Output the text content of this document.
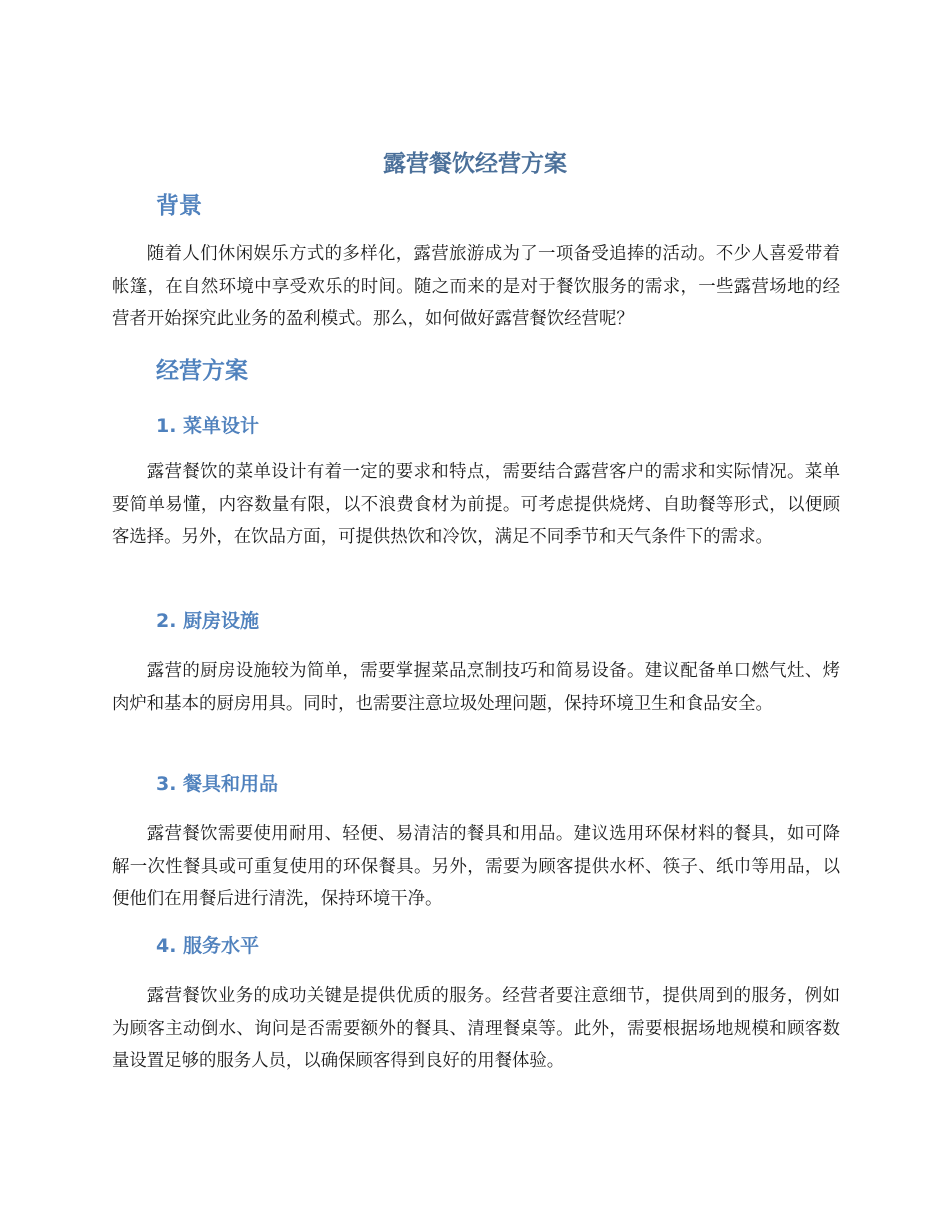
露营餐饮经营方案
背景

随着人们休闲娱乐方式的多样化，露营旅游成为了一项备受追捧的活动。不少人喜爱带着帐篷，在自然环境中享受欢乐的时间。随之而来的是对于餐饮服务的需求，一些露营场地的经营者开始探究此业务的盈利模式。那么，如何做好露营餐饮经营呢？

经营方案
1. 菜单设计

露营餐饮的菜单设计有着一定的要求和特点，需要结合露营客户的需求和实际情况。菜单要简单易懂，内容数量有限，以不浪费食材为前提。可考虑提供烧烤、自助餐等形式，以便顾客选择。另外，在饮品方面，可提供热饮和冷饮，满足不同季节和天气条件下的需求。

2. 厨房设施

露营的厨房设施较为简单，需要掌握菜品烹制技巧和简易设备。建议配备单口燃气灶、烤肉炉和基本的厨房用具。同时，也需要注意垃圾处理问题，保持环境卫生和食品安全。

3. 餐具和用品

露营餐饮需要使用耐用、轻便、易清洁的餐具和用品。建议选用环保材料的餐具，如可降解一次性餐具或可重复使用的环保餐具。另外，需要为顾客提供水杯、筷子、纸巾等用品，以便他们在用餐后进行清洗，保持环境干净。

4. 服务水平

露营餐饮业务的成功关键是提供优质的服务。经营者要注意细节，提供周到的服务，例如为顾客主动倒水、询问是否需要额外的餐具、清理餐桌等。此外，需要根据场地规模和顾客数量设置足够的服务人员，以确保顾客得到良好的用餐体验。
